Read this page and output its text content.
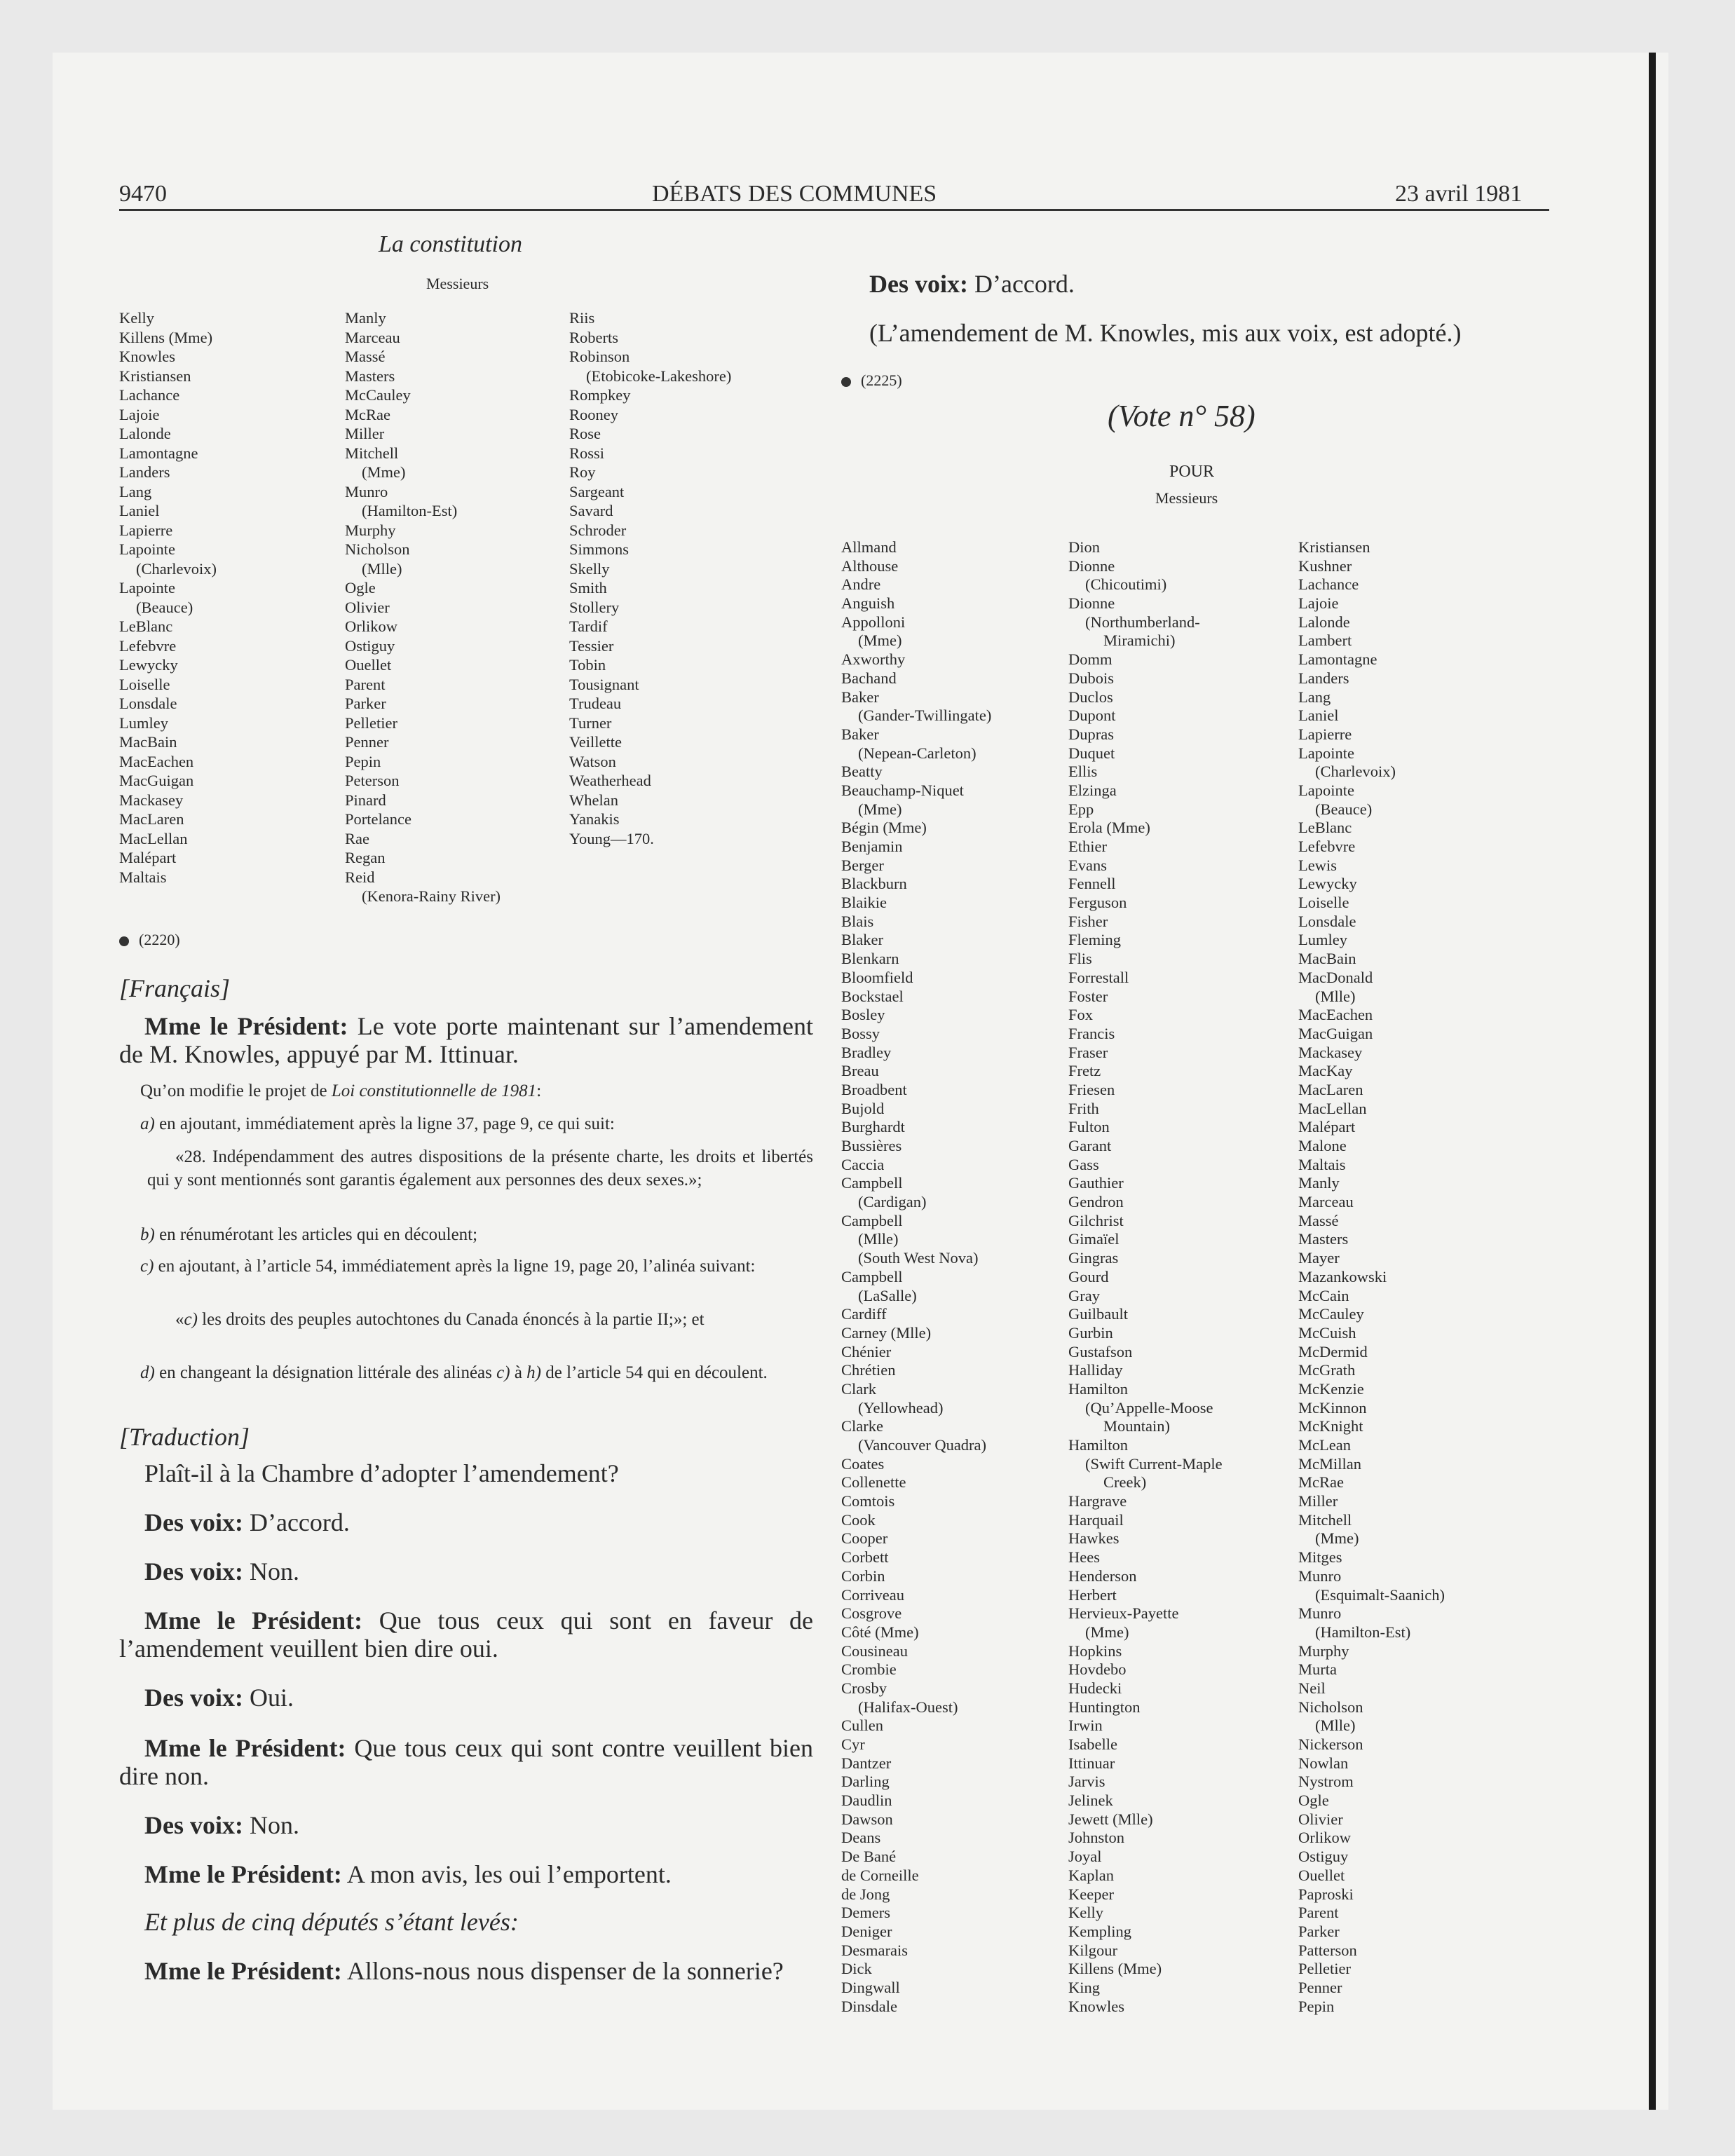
9470	DÉBATS DES COMMUNES	23 avril 1981
La constitution
Messieurs
Kelly
Killens (Mme)
Knowles
Kristiansen
Lachance
Lajoie
Lalonde
Lamontagne
Landers
Lang
Laniel
Lapierre
Lapointe
(Charlevoix)
Lapointe
(Beauce)
LeBlanc
Lefebvre
Lewycky
Loiselle
Lonsdale
Lumley
MacBain
MacEachen
MacGuigan
Mackasey
MacLaren
MacLellan
Malépart
Maltais
Manly
Marceau
Massé
Masters
McCauley
McRae
Miller
Mitchell
(Mme)
Munro
(Hamilton-Est)
Murphy
Nicholson
(Mlle)
Ogle
Olivier
Orlikow
Ostiguy
Ouellet
Parent
Parker
Pelletier
Penner
Pepin
Peterson
Pinard
Portelance
Rae
Regan
Reid
(Kenora-Rainy River)
Riis
Roberts
Robinson
(Etobicoke-Lakeshore)
Rompkey
Rooney
Rose
Rossi
Roy
Sargeant
Savard
Schroder
Simmons
Skelly
Smith
Stollery
Tardif
Tessier
Tobin
Tousignant
Trudeau
Turner
Veillette
Watson
Weatherhead
Whelan
Yanakis
Young—170.
(2220)
[Français]
Mme le Président: Le vote porte maintenant sur l’amendement de M. Knowles, appuyé par M. Ittinuar.
Qu’on modifie le projet de Loi constitutionnelle de 1981:
a) en ajoutant, immédiatement après la ligne 37, page 9, ce qui suit:
«28. Indépendamment des autres dispositions de la présente charte, les droits et libertés qui y sont mentionnés sont garantis également aux personnes des deux sexes.»;
b) en rénumérotant les articles qui en découlent;
c) en ajoutant, à l’article 54, immédiatement après la ligne 19, page 20, l’alinéa suivant:
«c) les droits des peuples autochtones du Canada énoncés à la partie II;»; et
d) en changeant la désignation littérale des alinéas c) à h) de l’article 54 qui en découlent.
[Traduction]
Plaît-il à la Chambre d’adopter l’amendement?
Des voix: D’accord.
Des voix: Non.
Mme le Président: Que tous ceux qui sont en faveur de l’amendement veuillent bien dire oui.
Des voix: Oui.
Mme le Président: Que tous ceux qui sont contre veuillent bien dire non.
Des voix: Non.
Mme le Président: A mon avis, les oui l’emportent.
Et plus de cinq députés s’étant levés:
Mme le Président: Allons-nous nous dispenser de la sonnerie?
Des voix: D’accord.
(L’amendement de M. Knowles, mis aux voix, est adopté.)
(2225)
(Vote n° 58)
POUR
Messieurs
Allmand
Althouse
Andre
Anguish
Appolloni
(Mme)
Axworthy
Bachand
Baker
(Gander-Twillingate)
Baker
(Nepean-Carleton)
Beatty
Beauchamp-Niquet
(Mme)
Bégin (Mme)
Benjamin
Berger
Blackburn
Blaikie
Blais
Blaker
Blenkarn
Bloomfield
Bockstael
Bosley
Bossy
Bradley
Breau
Broadbent
Bujold
Burghardt
Bussières
Caccia
Campbell
(Cardigan)
Campbell
(Mlle)
(South West Nova)
Campbell
(LaSalle)
Cardiff
Carney (Mlle)
Chénier
Chrétien
Clark
(Yellowhead)
Clarke
(Vancouver Quadra)
Coates
Collenette
Comtois
Cook
Cooper
Corbett
Corbin
Corriveau
Cosgrove
Côté (Mme)
Cousineau
Crombie
Crosby
(Halifax-Ouest)
Cullen
Cyr
Dantzer
Darling
Daudlin
Dawson
Deans
De Bané
de Corneille
de Jong
Demers
Deniger
Desmarais
Dick
Dingwall
Dinsdale
Dion
Dionne
(Chicoutimi)
Dionne
(Northumberland-
Miramichi)
Domm
Dubois
Duclos
Dupont
Dupras
Duquet
Ellis
Elzinga
Epp
Erola (Mme)
Ethier
Evans
Fennell
Ferguson
Fisher
Fleming
Flis
Forrestall
Foster
Fox
Francis
Fraser
Fretz
Friesen
Frith
Fulton
Garant
Gass
Gauthier
Gendron
Gilchrist
Gimaïel
Gingras
Gourd
Gray
Guilbault
Gurbin
Gustafson
Halliday
Hamilton
(Qu’Appelle-Moose
Mountain)
Hamilton
(Swift Current-Maple
Creek)
Hargrave
Harquail
Hawkes
Hees
Henderson
Herbert
Hervieux-Payette
(Mme)
Hopkins
Hovdebo
Hudecki
Huntington
Irwin
Isabelle
Ittinuar
Jarvis
Jelinek
Jewett (Mlle)
Johnston
Joyal
Kaplan
Keeper
Kelly
Kempling
Kilgour
Killens (Mme)
King
Knowles
Kristiansen
Kushner
Lachance
Lajoie
Lalonde
Lambert
Lamontagne
Landers
Lang
Laniel
Lapierre
Lapointe
(Charlevoix)
Lapointe
(Beauce)
LeBlanc
Lefebvre
Lewis
Lewycky
Loiselle
Lonsdale
Lumley
MacBain
MacDonald
(Mlle)
MacEachen
MacGuigan
Mackasey
MacKay
MacLaren
MacLellan
Malépart
Malone
Maltais
Manly
Marceau
Massé
Masters
Mayer
Mazankowski
McCain
McCauley
McCuish
McDermid
McGrath
McKenzie
McKinnon
McKnight
McLean
McMillan
McRae
Miller
Mitchell
(Mme)
Mitges
Munro
(Esquimalt-Saanich)
Munro
(Hamilton-Est)
Murphy
Murta
Neil
Nicholson
(Mlle)
Nickerson
Nowlan
Nystrom
Ogle
Olivier
Orlikow
Ostiguy
Ouellet
Paproski
Parent
Parker
Patterson
Pelletier
Penner
Pepin
